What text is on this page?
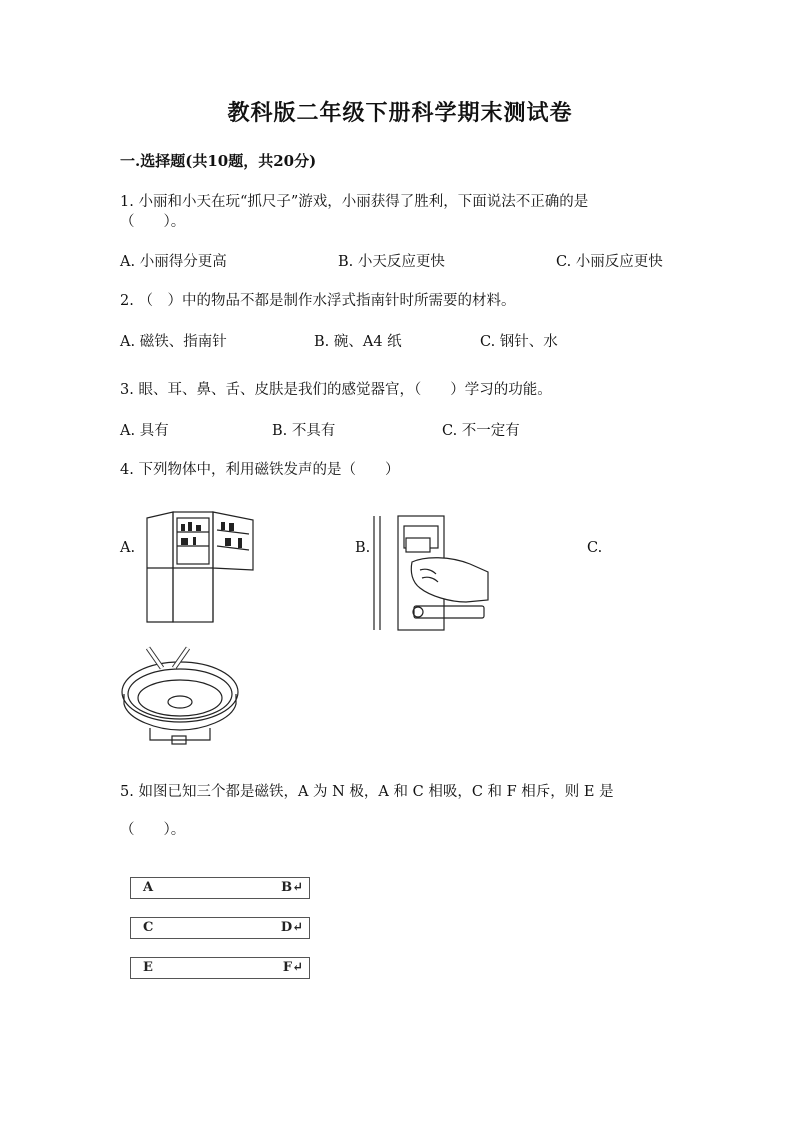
教科版二年级下册科学期末测试卷
一.选择题(共10题，共20分)
1. 小丽和小天在玩“抓尺子”游戏，小丽获得了胜利，下面说法不正确的是
（　　）。
A. 小丽得分更高	B. 小天反应更快	C. 小丽反应更快
2. （　）中的物品不都是制作水浮式指南针时所需要的材料。
A. 磁铁、指南针	B. 碗、A4 纸	C. 钢针、水
3. 眼、耳、鼻、舌、皮肤是我们的感觉器官，（　　）学习的功能。
A. 具有	B. 不具有	C. 不一定有
4. 下列物体中，利用磁铁发声的是（　　）
A.	B.	C.
5. 如图已知三个都是磁铁，A 为 N 极，A 和 C 相吸，C 和 F 相斥，则 E 是
（　　）。
A	B↵
C	D↵
E	F↵
